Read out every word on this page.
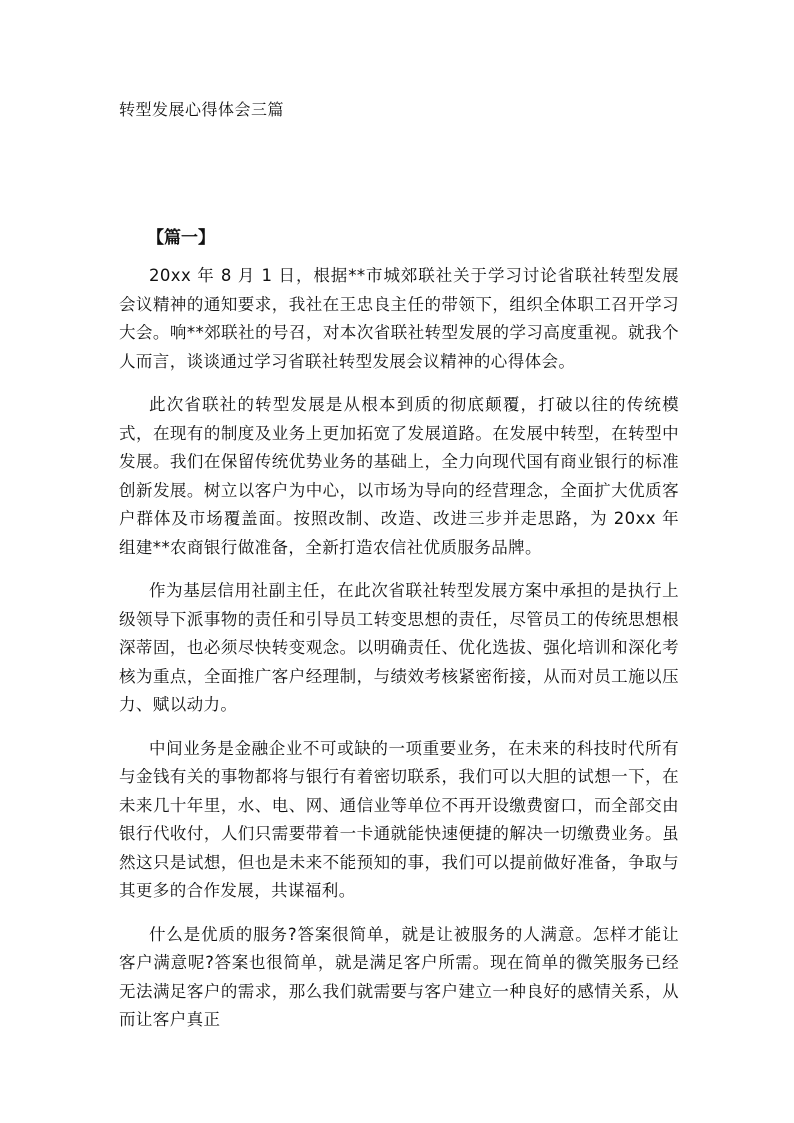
转型发展心得体会三篇
【篇一】

20xx 年 8 月 1 日，根据**市城郊联社关于学习讨论省联社转型发展会议精神的通知要求，我社在王忠良主任的带领下，组织全体职工召开学习大会。响**郊联社的号召，对本次省联社转型发展的学习高度重视。就我个人而言，谈谈通过学习省联社转型发展会议精神的心得体会。

此次省联社的转型发展是从根本到质的彻底颠覆，打破以往的传统模式，在现有的制度及业务上更加拓宽了发展道路。在发展中转型，在转型中发展。我们在保留传统优势业务的基础上，全力向现代国有商业银行的标准创新发展。树立以客户为中心，以市场为导向的经营理念，全面扩大优质客户群体及市场覆盖面。按照改制、改造、改进三步并走思路，为 20xx 年组建**农商银行做准备，全新打造农信社优质服务品牌。

作为基层信用社副主任，在此次省联社转型发展方案中承担的是执行上级领导下派事物的责任和引导员工转变思想的责任，尽管员工的传统思想根深蒂固，也必须尽快转变观念。以明确责任、优化选拔、强化培训和深化考核为重点，全面推广客户经理制，与绩效考核紧密衔接，从而对员工施以压力、赋以动力。

中间业务是金融企业不可或缺的一项重要业务，在未来的科技时代所有与金钱有关的事物都将与银行有着密切联系，我们可以大胆的试想一下，在未来几十年里，水、电、网、通信业等单位不再开设缴费窗口，而全部交由银行代收付，人们只需要带着一卡通就能快速便捷的解决一切缴费业务。虽然这只是试想，但也是未来不能预知的事，我们可以提前做好准备，争取与其更多的合作发展，共谋福利。

什么是优质的服务?答案很简单，就是让被服务的人满意。怎样才能让客户满意呢?答案也很简单，就是满足客户所需。现在简单的微笑服务已经无法满足客户的需求，那么我们就需要与客户建立一种良好的感情关系，从而让客户真正
